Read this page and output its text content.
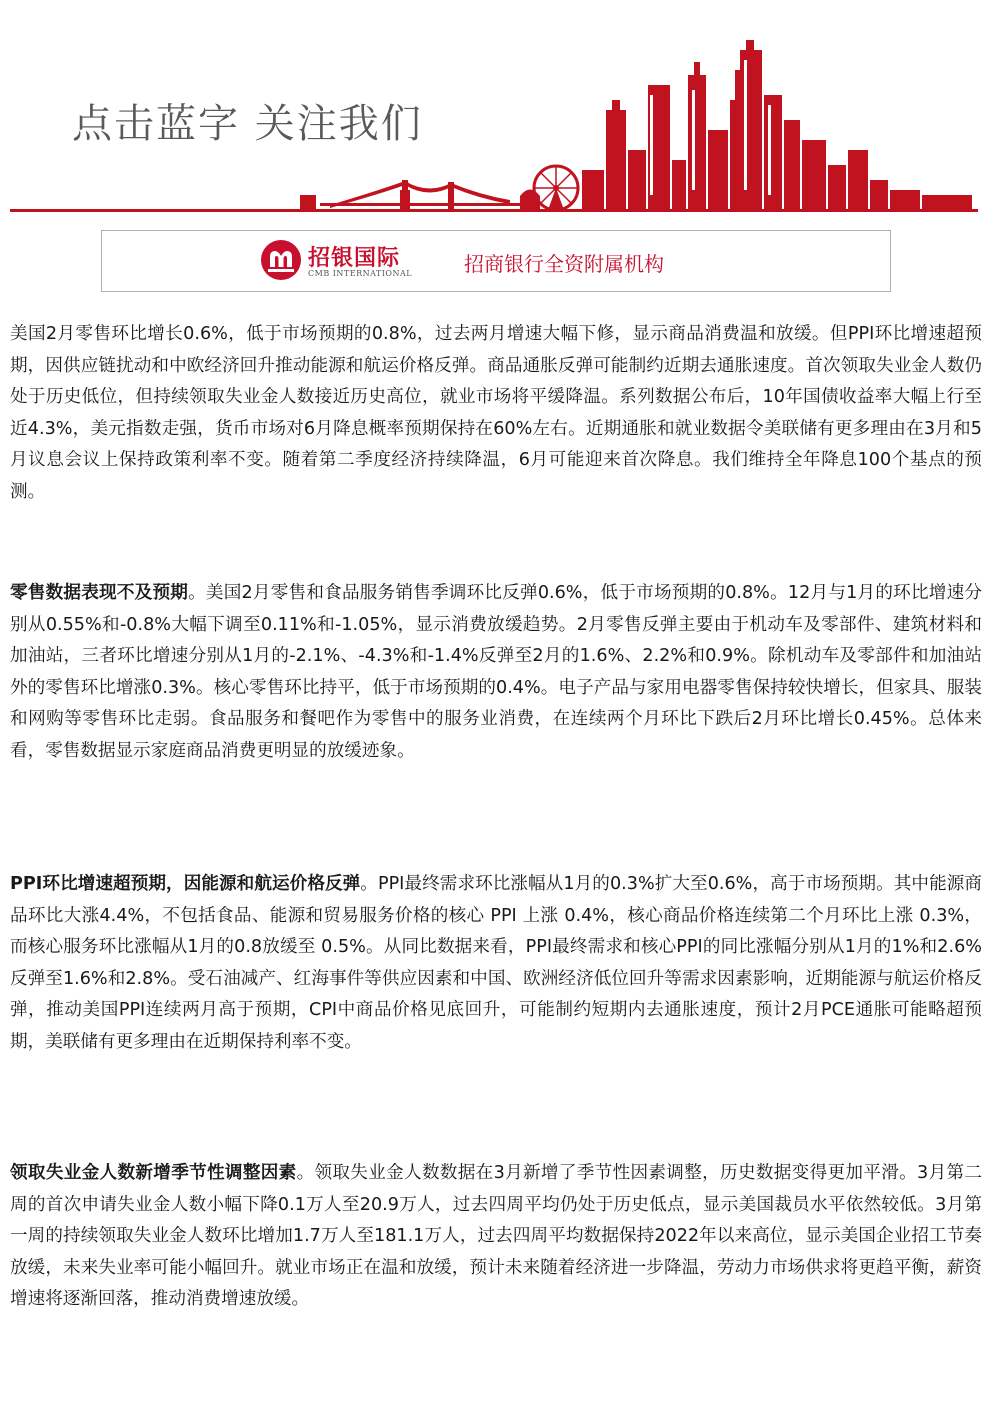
点击蓝字 关注我们
招银国际
CMB INTERNATIONAL	招商银行全资附属机构

美国2月零售环比增长0.6%，低于市场预期的0.8%，过去两月增速大幅下修，显示商品消费温和放缓。但PPI环比增速超预期，因供应链扰动和中欧经济回升推动能源和航运价格反弹。商品通胀反弹可能制约近期去通胀速度。首次领取失业金人数仍处于历史低位，但持续领取失业金人数接近历史高位，就业市场将平缓降温。系列数据公布后，10年国债收益率大幅上行至近4.3%，美元指数走强，货币市场对6月降息概率预期保持在60%左右。近期通胀和就业数据令美联储有更多理由在3月和5月议息会议上保持政策利率不变。随着第二季度经济持续降温，6月可能迎来首次降息。我们维持全年降息100个基点的预测。

零售数据表现不及预期。美国2月零售和食品服务销售季调环比反弹0.6%，低于市场预期的0.8%。12月与1月的环比增速分别从0.55%和-0.8%大幅下调至0.11%和-1.05%，显示消费放缓趋势。2月零售反弹主要由于机动车及零部件、建筑材料和加油站，三者环比增速分别从1月的-2.1%、-4.3%和-1.4%反弹至2月的1.6%、2.2%和0.9%。除机动车及零部件和加油站外的零售环比增涨0.3%。核心零售环比持平，低于市场预期的0.4%。电子产品与家用电器零售保持较快增长，但家具、服装和网购等零售环比走弱。食品服务和餐吧作为零售中的服务业消费，在连续两个月环比下跌后2月环比增长0.45%。总体来看，零售数据显示家庭商品消费更明显的放缓迹象。

PPI环比增速超预期，因能源和航运价格反弹。PPI最终需求环比涨幅从1月的0.3%扩大至0.6%，高于市场预期。其中能源商品环比大涨4.4%，不包括食品、能源和贸易服务价格的核心 PPI 上涨 0.4%，核心商品价格连续第二个月环比上涨 0.3%，而核心服务环比涨幅从1月的0.8放缓至 0.5%。从同比数据来看，PPI最终需求和核心PPI的同比涨幅分别从1月的1%和2.6%反弹至1.6%和2.8%。受石油减产、红海事件等供应因素和中国、欧洲经济低位回升等需求因素影响，近期能源与航运价格反弹，推动美国PPI连续两月高于预期，CPI中商品价格见底回升，可能制约短期内去通胀速度，预计2月PCE通胀可能略超预期，美联储有更多理由在近期保持利率不变。

领取失业金人数新增季节性调整因素。领取失业金人数数据在3月新增了季节性因素调整，历史数据变得更加平滑。3月第二周的首次申请失业金人数小幅下降0.1万人至20.9万人，过去四周平均仍处于历史低点，显示美国裁员水平依然较低。3月第一周的持续领取失业金人数环比增加1.7万人至181.1万人，过去四周平均数据保持2022年以来高位，显示美国企业招工节奏放缓，未来失业率可能小幅回升。就业市场正在温和放缓，预计未来随着经济进一步降温，劳动力市场供求将更趋平衡，薪资增速将逐渐回落，推动消费增速放缓。
